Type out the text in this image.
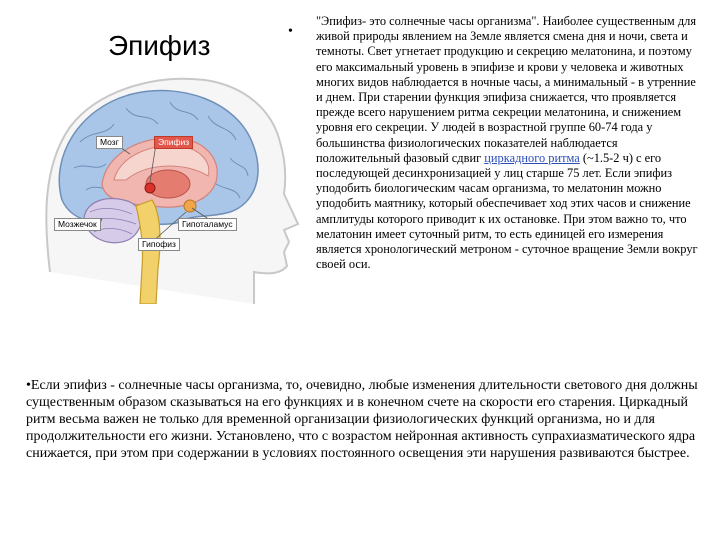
Эпифиз
Мозг	Эпифиз
Мозжечок	Гипоталамус
Гипофиз
•

"Эпифиз- это солнечные часы организма". Наиболее существенным для живой природы явлением на Земле является смена дня и ночи, света и темноты. Свет угнетает продукцию и секрецию мелатонина, и поэтому его максимальный уровень в эпифизе и крови у человека и животных многих видов наблюдается в ночные часы, а минимальный - в утренние и днем. При старении функция эпифиза снижается, что проявляется прежде всего нарушением ритма секреции мелатонина, и снижением уровня его секреции. У людей в возрастной группе 60-74 года у большинства физиологических показателей наблюдается положительный фазовый сдвиг циркадного ритма (~1.5-2 ч) с его последующей десинхронизацией у лиц старше 75 лет. Если эпифиз уподобить биологическим часам организма, то мелатонин можно уподобить маятнику, который обеспечивает ход этих часов и снижение амплитуды которого приводит к их остановке. При этом важно то, что мелатонин имеет суточный ритм, то есть единицей его измерения является хронологический метроном - суточное вращение Земли вокруг своей оси.

•Если эпифиз - солнечные часы организма, то, очевидно, любые изменения длительности светового дня должны существенным образом сказываться на его функциях и в конечном счете на скорости его старения. Циркадный ритм весьма важен не только для временной организации физиологических функций организма, но и для продолжительности его жизни. Установлено, что с возрастом нейронная активность супрахиазматического ядра снижается, при этом при содержании в условиях постоянного освещения эти нарушения развиваются быстрее.
